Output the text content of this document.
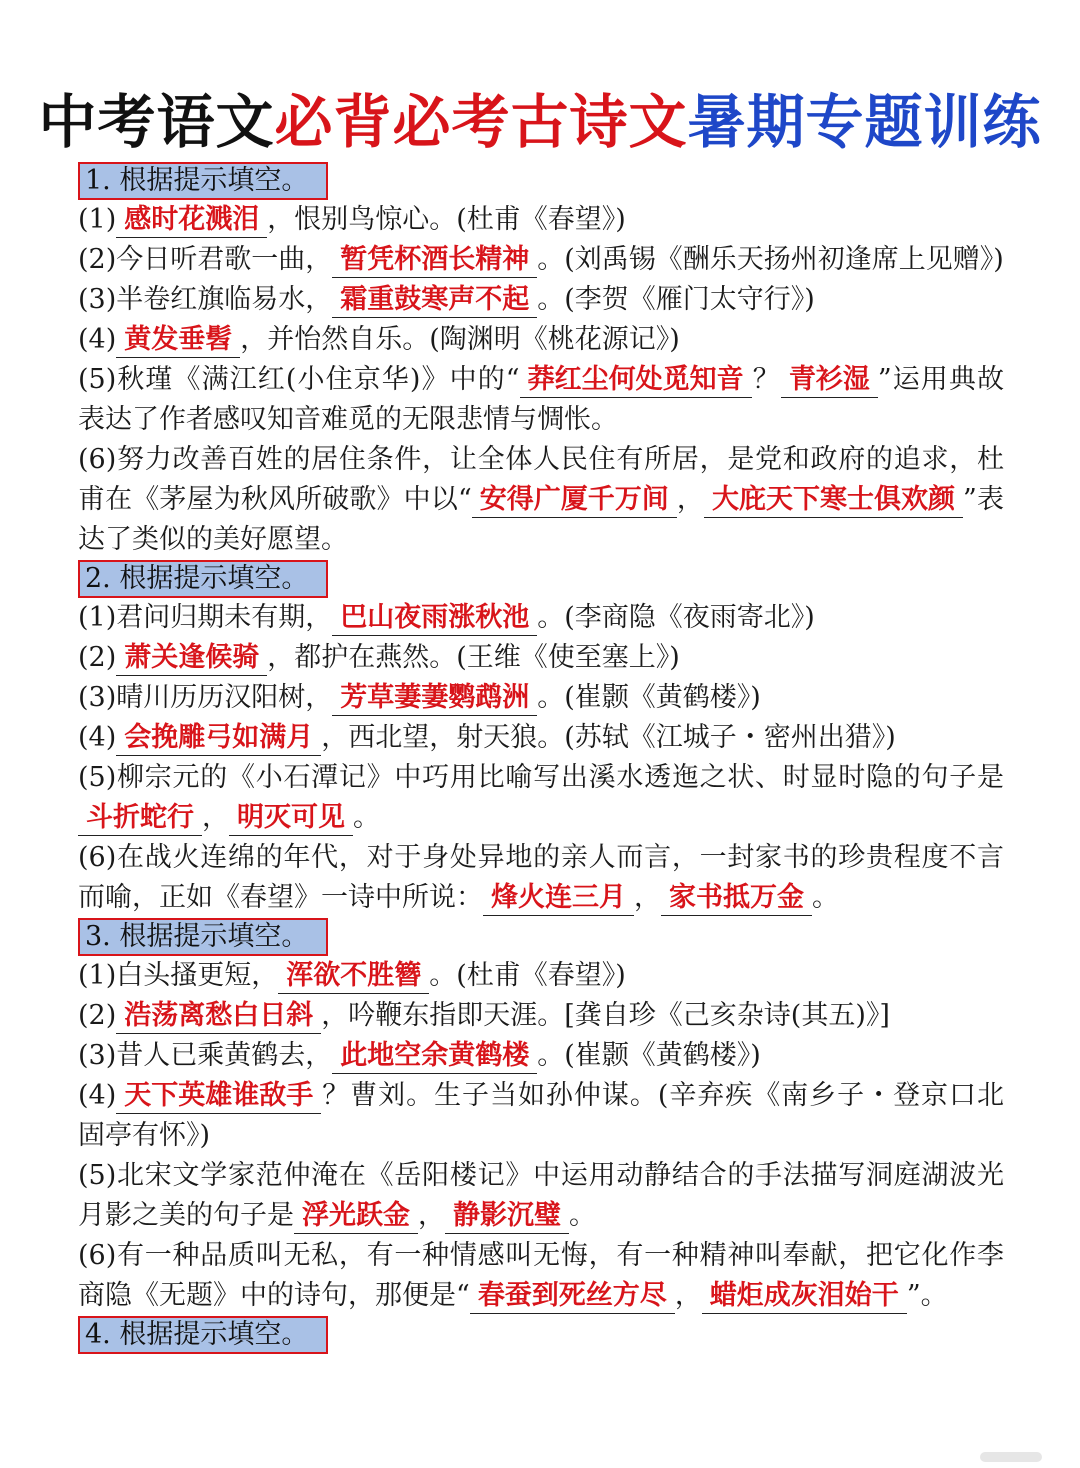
中考语文必背必考古诗文暑期专题训练
1. 根据提示填空。
(1) 感时花溅泪 ，恨别鸟惊心。(杜甫《春望》)
(2)今日听君歌一曲， 暂凭杯酒长精神 。(刘禹锡《酬乐天扬州初逢席上见赠》)
(3)半卷红旗临易水， 霜重鼓寒声不起 。(李贺《雁门太守行》)
(4) 黄发垂髫 ，并怡然自乐。(陶渊明《桃花源记》)
(5)秋瑾《满江红(小住京华)》中的“ 莽红尘何处觅知音 ？ 青衫湿 ”运用典故表达了作者感叹知音难觅的无限悲情与惆怅。
(6)努力改善百姓的居住条件，让全体人民住有所居，是党和政府的追求，杜甫在《茅屋为秋风所破歌》中以“ 安得广厦千万间 ， 大庇天下寒士俱欢颜 ”表达了类似的美好愿望。
2. 根据提示填空。
(1)君问归期未有期， 巴山夜雨涨秋池 。(李商隐《夜雨寄北》)
(2) 萧关逢候骑 ，都护在燕然。(王维《使至塞上》)
(3)晴川历历汉阳树， 芳草萋萋鹦鹉洲 。(崔颢《黄鹤楼》)
(4) 会挽雕弓如满月 ，西北望，射天狼。(苏轼《江城子・密州出猎》)
(5)柳宗元的《小石潭记》中巧用比喻写出溪水透迤之状、时显时隐的句子是斗折蛇行 ， 明灭可见 。
(6)在战火连绵的年代，对于身处异地的亲人而言，一封家书的珍贵程度不言而喻，正如《春望》一诗中所说： 烽火连三月 ， 家书抵万金 。
3. 根据提示填空。
(1)白头搔更短， 浑欲不胜簪 。(杜甫《春望》)
(2) 浩荡离愁白日斜 ，吟鞭东指即天涯。[龚自珍《己亥杂诗(其五)》]
(3)昔人已乘黄鹤去， 此地空余黄鹤楼 。(崔颢《黄鹤楼》)
(4) 天下英雄谁敌手 ？曹刘。生子当如孙仲谋。(辛弃疾《南乡子・登京口北固亭有怀》)
(5)北宋文学家范仲淹在《岳阳楼记》中运用动静结合的手法描写洞庭湖波光月影之美的句子是 浮光跃金 ， 静影沉璧 。
(6)有一种品质叫无私，有一种情感叫无悔，有一种精神叫奉献，把它化作李商隐《无题》中的诗句，那便是“ 春蚕到死丝方尽 ， 蜡炬成灰泪始干 ”。
4. 根据提示填空。
